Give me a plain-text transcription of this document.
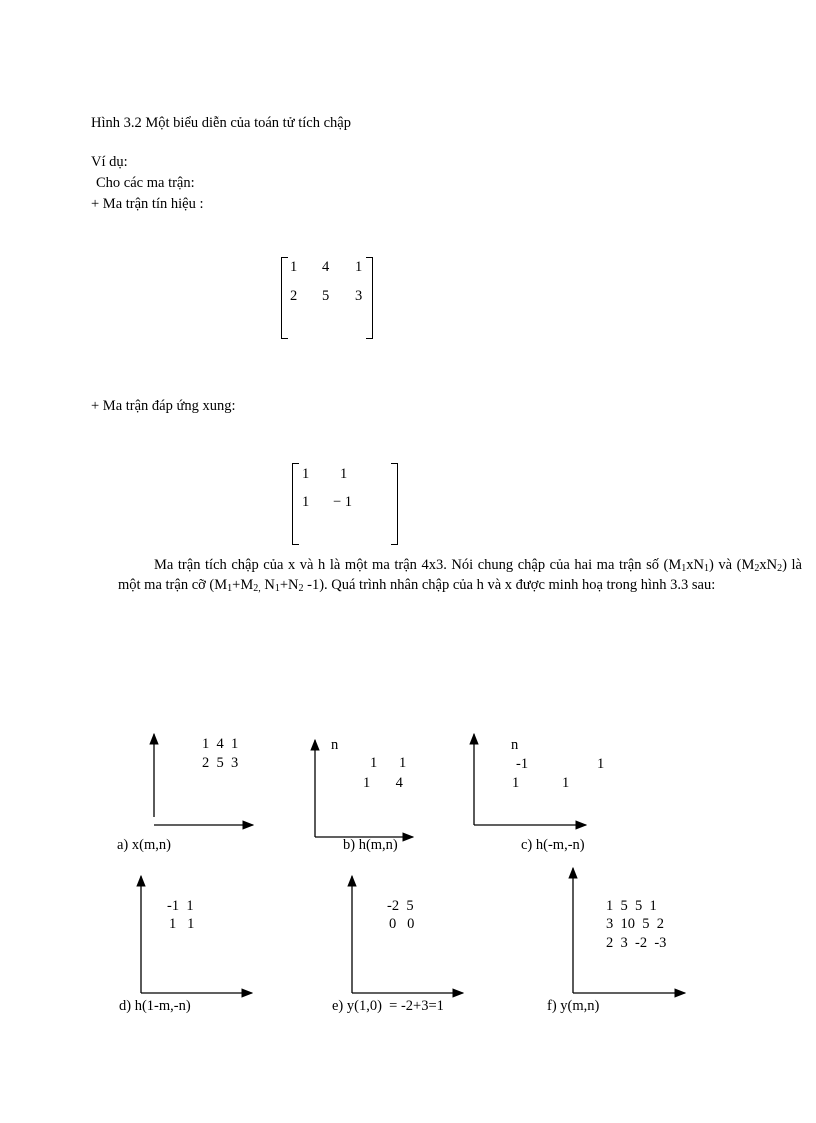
Hình 3.2 Một biểu diễn của toán tử tích chập
Ví dụ:
Cho các ma trận:
+ Ma trận tín hiệu :
1 4 1
2 5 3
+ Ma trận đáp ứng xung:
1 1
1 − 1
Ma trận tích chập của x và h là một ma trận 4x3. Nói chung chập của hai ma trận số $(M_1xN_1)$ và $(M_2xN_2)$ là một ma trận cỡ ($M_1+M_{2,}$ $N_1+N_2$ -1). Quá trình nhân chập của h và x được minh hoạ trong hình 3.3 sau:
1  4  1
2  5  3
a) x(m,n)
n
1      1
1       4
b) h(m,n)
n
-1	1
1	1
c) h(-m,-n)
-1  1
1   1
d) h(1-m,-n)
-2  5
0   0
e) y(1,0)  = -2+3=1
1  5  5  1
3  10  5  2
2  3  -2  -3
f) y(m,n)
